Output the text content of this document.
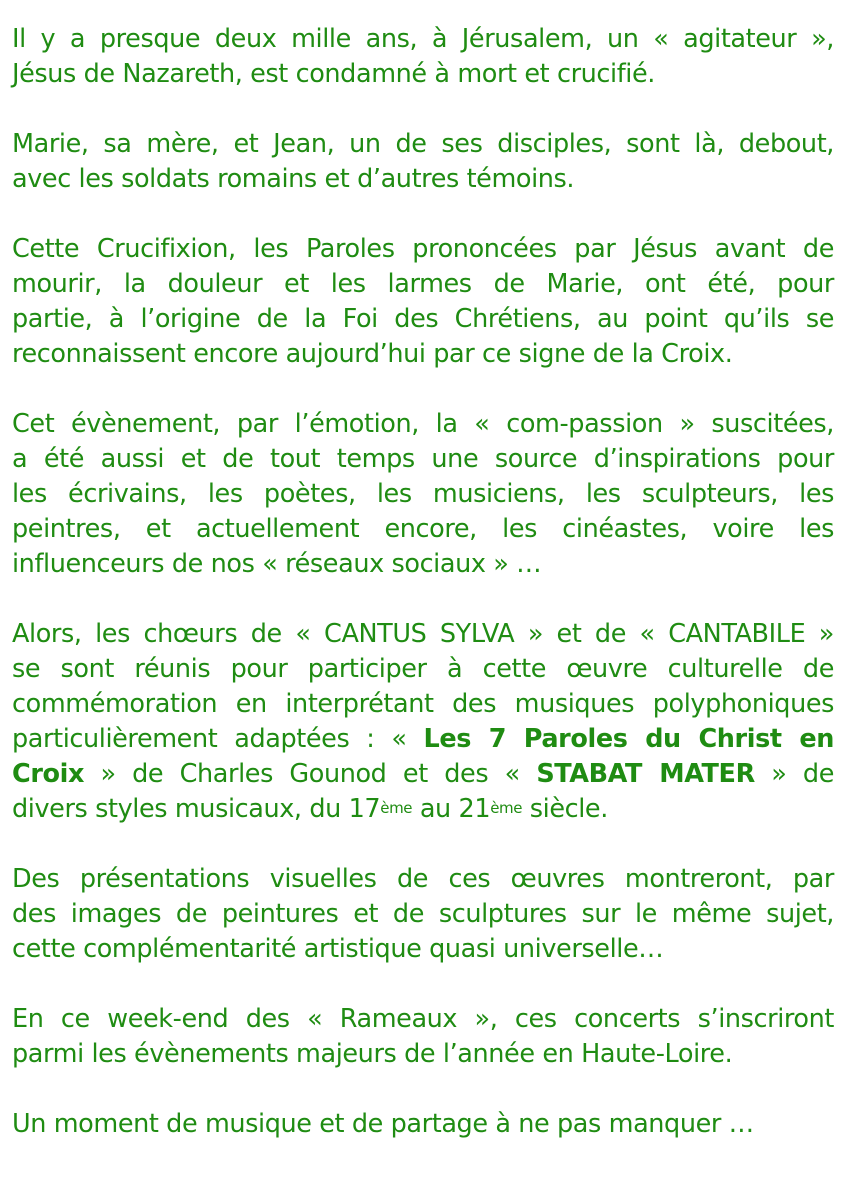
Il y a presque deux mille ans, à Jérusalem, un « agitateur »,
Jésus de Nazareth, est condamné à mort et crucifié.

Marie, sa mère, et Jean, un de ses disciples, sont là, debout,
avec les soldats romains et d’autres témoins.

Cette Crucifixion, les Paroles prononcées par Jésus avant de
mourir, la douleur et les larmes de Marie, ont été, pour
partie, à l’origine de la Foi des Chrétiens, au point qu’ils se
reconnaissent encore aujourd’hui par ce signe de la Croix.

Cet évènement, par l’émotion, la « com-passion » suscitées,
a été aussi et de tout temps une source d’inspirations pour
les écrivains, les poètes, les musiciens, les sculpteurs, les
peintres, et actuellement encore, les cinéastes, voire les
influenceurs de nos « réseaux sociaux » …

Alors, les chœurs de « CANTUS SYLVA » et de « CANTABILE »
se sont réunis pour participer à cette œuvre culturelle de
commémoration en interprétant des musiques polyphoniques
particulièrement adaptées : « Les 7 Paroles du Christ en
Croix » de Charles Gounod et des « STABAT MATER » de
divers styles musicaux, du 17ème au 21ème siècle.

Des présentations visuelles de ces œuvres montreront, par
des images de peintures et de sculptures sur le même sujet,
cette complémentarité artistique quasi universelle…

En ce week-end des « Rameaux », ces concerts s’inscriront
parmi les évènements majeurs de l’année en Haute-Loire.

Un moment de musique et de partage à ne pas manquer …
